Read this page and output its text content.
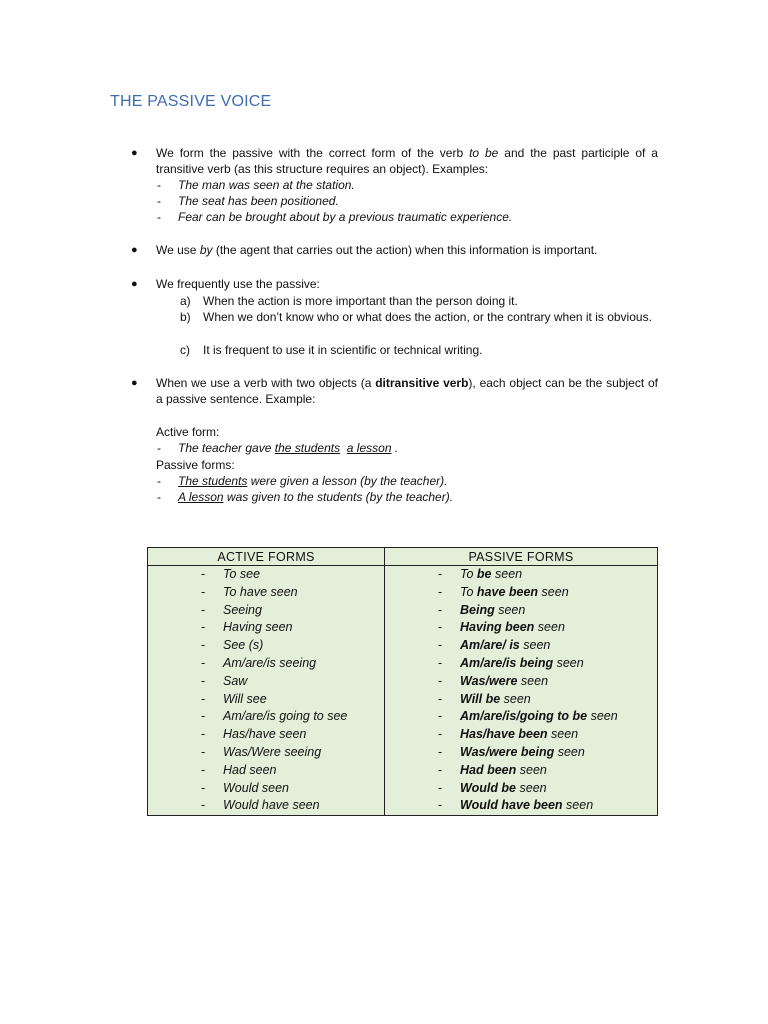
THE PASSIVE VOICE
● We form the passive with the correct form of the verb to be and the past participle of a transitive verb (as this structure requires an object). Examples:
- The man was seen at the station.
- The seat has been positioned.
- Fear can be brought about by a previous traumatic experience.
● We use by (the agent that carries out the action) when this information is important.
● We frequently use the passive:
a) When the action is more important than the person doing it.
b) When we don’t know who or what does the action, or the contrary when it is obvious.
c) It is frequent to use it in scientific or technical writing.
● When we use a verb with two objects (a ditransitive verb), each object can be the subject of a passive sentence. Example:
Active form:
- The teacher gave the students a lesson .
Passive forms:
- The students were given a lesson (by the teacher).
- A lesson was given to the students (by the teacher).
ACTIVE FORMS	PASSIVE FORMS

- To see	- To be seen

- To have seen	- To have been seen

- Seeing	- Being seen

- Having seen	- Having been seen

- See (s)	- Am/are/ is seen

- Am/are/is seeing	- Am/are/is being seen

- Saw	- Was/were seen

- Will see	- Will be seen

- Am/are/is going to see	- Am/are/is/going to be seen

- Has/have seen	- Has/have been seen

- Was/Were seeing	- Was/were being seen

- Had seen	- Had been seen

- Would seen	- Would be seen

- Would have seen	- Would have been seen
